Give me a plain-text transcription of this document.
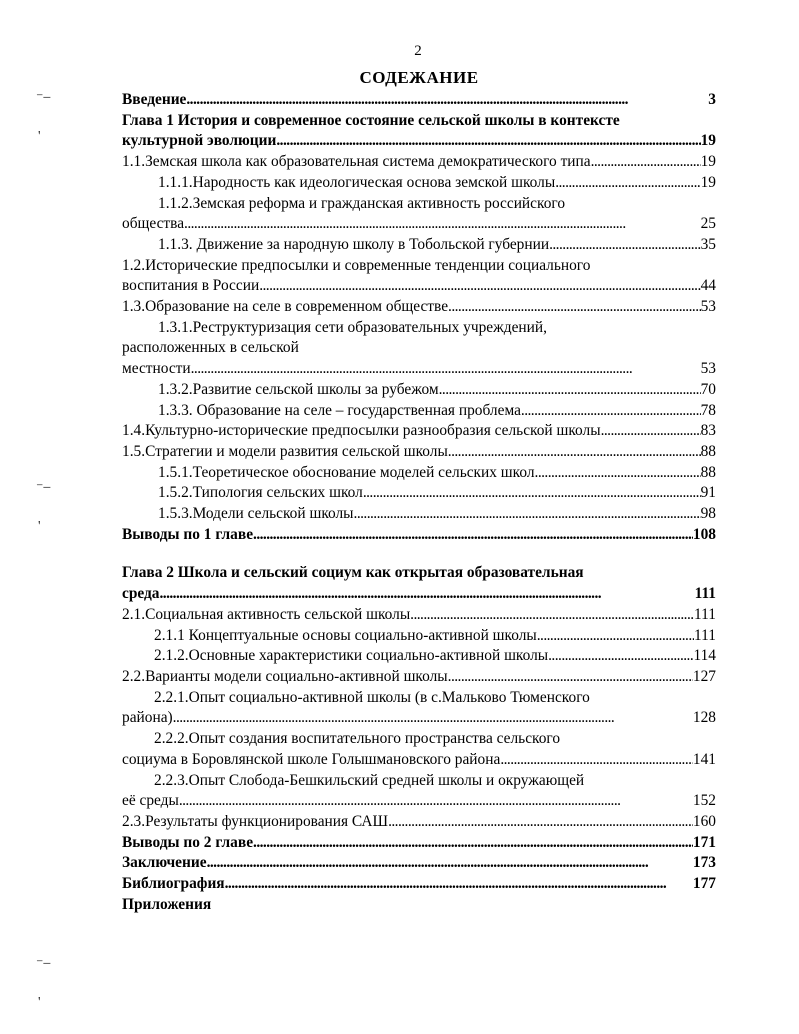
2
СОДЕЖАНИЕ
Введение . . .	3
Глава 1 История и современное состояние сельской школы в контексте
культурной эволюции . . .	19
1.1.Земская школа как образовательная система демократического типа . . .	19
1.1.1.Народность как идеологическая основа земской школы . . .	19
1.1.2.Земская реформа и гражданская активность российского
общества . . .	25
1.1.3. Движение за народную школу в Тобольской губернии . . .	35
1.2.Исторические предпосылки и современные тенденции социального
воспитания в России . . .	44
1.3.Образование на селе в современном обществе . . .	53
1.3.1.Реструктуризация сети образовательных учреждений,
расположенных в сельской
местности . . .	53
1.3.2.Развитие сельской школы за рубежом . . .	70
1.3.3. Образование на селе – государственная проблема . . .	78
1.4.Культурно-исторические предпосылки разнообразия сельской школы . . .	83
1.5.Стратегии и модели развития сельской школы . . .	88
1.5.1.Теоретическое обоснование моделей сельских школ . . .	88
1.5.2.Типология сельских школ . . .	91
1.5.3.Модели сельской школы . . .	98
Выводы по 1 главе . . .	108
Глава 2 Школа и сельский социум как открытая образовательная
среда . . .	111
2.1.Социальная активность сельской школы . . .	111
2.1.1 Концептуальные основы социально-активной школы . . .	111
2.1.2.Основные характеристики социально-активной школы . . .	114
2.2.Варианты модели социально-активной школы . . .	127
2.2.1.Опыт социально-активной школы (в с.Мальково Тюменского
района) . . .	128
2.2.2.Опыт создания воспитательного пространства сельского
социума в Боровлянской школе Голышмановского района . . .	141
2.2.3.Опыт Слобода-Бешкильский средней школы и окружающей
её среды . . .	152
2.3.Результаты функционирования САШ . . .	160
Выводы по 2 главе . . .	171
Заключение . . .	173
Библиография . . .	177
Приложения
⁻ ̶
'
⁻ ̶
'
⁻ ̶
'
